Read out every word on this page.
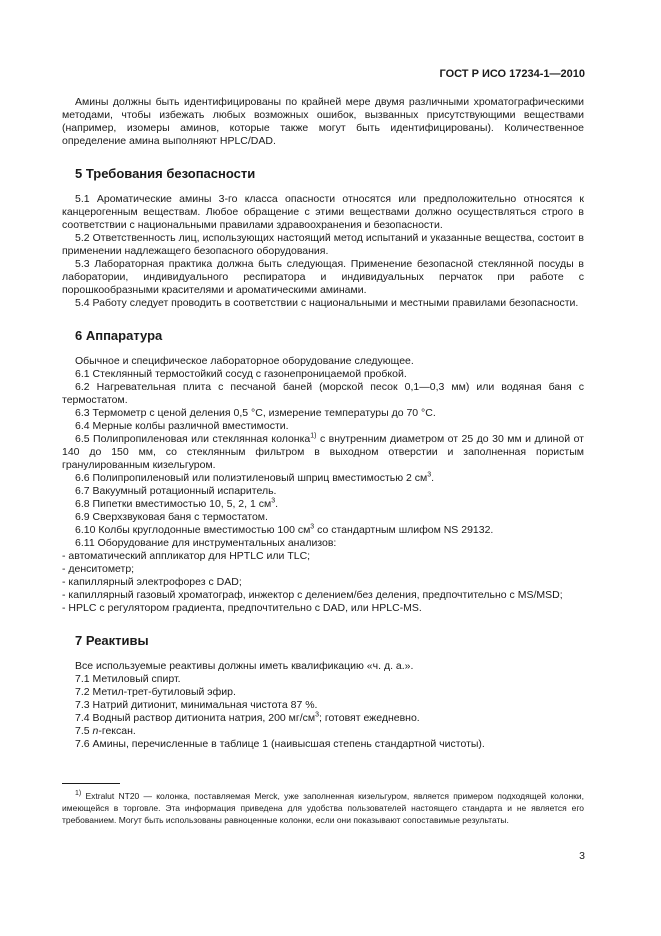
ГОСТ Р ИСО 17234-1—2010

Амины должны быть идентифицированы по крайней мере двумя различными хроматографическими методами, чтобы избежать любых возможных ошибок, вызванных присутствующими веществами (например, изомеры аминов, которые также могут быть идентифицированы). Количественное определение амина выполняют HPLC/DAD.

5 Требования безопасности

5.1 Ароматические амины 3-го класса опасности относятся или предположительно относятся к канцерогенным веществам. Любое обращение с этими веществами должно осуществляться строго в соответствии с национальными правилами здравоохранения и безопасности.

5.2 Ответственность лиц, использующих настоящий метод испытаний и указанные вещества, состоит в применении надлежащего безопасного оборудования.

5.3 Лабораторная практика должна быть следующая. Применение безопасной стеклянной посуды в лаборатории, индивидуального респиратора и индивидуальных перчаток при работе с порошкообразными красителями и ароматическими аминами.

5.4 Работу следует проводить в соответствии с национальными и местными правилами безопасности.

6 Аппаратура

Обычное и специфическое лабораторное оборудование следующее.

6.1 Стеклянный термостойкий сосуд с газонепроницаемой пробкой.

6.2 Нагревательная плита с песчаной баней (морской песок 0,1—0,3 мм) или водяная баня с термостатом.

6.3 Термометр с ценой деления 0,5 °С, измерение температуры до 70 °С.

6.4 Мерные колбы различной вместимости.

6.5 Полипропиленовая или стеклянная колонка$^{1)}$ с внутренним диаметром от 25 до 30 мм и длиной от 140 до 150 мм, со стеклянным фильтром в выходном отверстии и заполненная пористым гранулированным кизельгуром.

6.6 Полипропиленовый или полиэтиленовый шприц вместимостью 2 $см^3$.

6.7 Вакуумный ротационный испаритель.

6.8 Пипетки вместимостью 10, 5, 2, 1 $см^3$.

6.9 Сверхзвуковая баня с термостатом.

6.10 Колбы круглодонные вместимостью 100 $см^3$ со стандартным шлифом NS 29132.

6.11 Оборудование для инструментальных анализов:

- автоматический аппликатор для HPTLC или TLC;

- денситометр;

- капиллярный электрофорез с DAD;

- капиллярный газовый хроматограф, инжектор с делением/без деления, предпочтительно с MS/MSD;

- HPLC с регулятором градиента, предпочтительно с DAD, или HPLC-MS.

7 Реактивы

Все используемые реактивы должны иметь квалификацию «ч. д. а.».

7.1 Метиловый спирт.

7.2 Метил-трет-бутиловый эфир.

7.3 Натрий дитионит, минимальная чистота 87 %.

7.4 Водный раствор дитионита натрия, 200 $мг/см^3$; готовят ежедневно.

7.5 n-гексан.

7.6 Амины, перечисленные в таблице 1 (наивысшая степень стандартной чистоты).

$^{1)}$ Extralut NT20 — колонка, поставляемая Merck, уже заполненная кизельгуром, является примером подходящей колонки, имеющейся в торговле. Эта информация приведена для удобства пользователей настоящего стандарта и не является его требованием. Могут быть использованы равноценные колонки, если они показывают сопоставимые результаты.

3
